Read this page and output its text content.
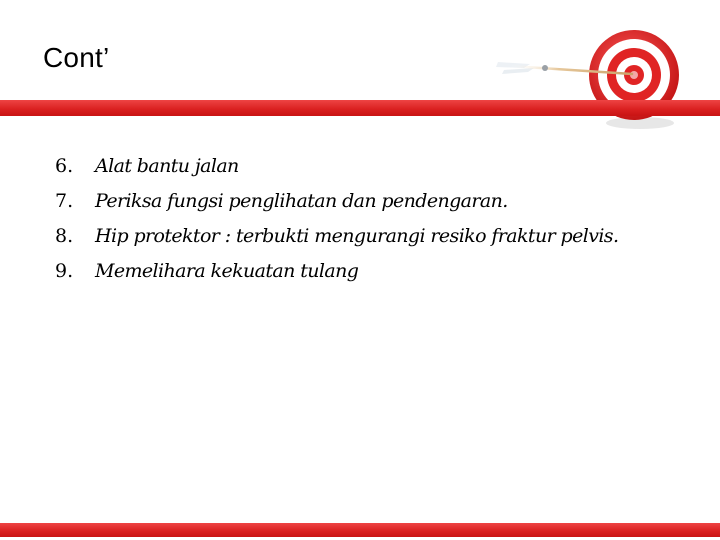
Cont’
6.	Alat bantu jalan
7.	Periksa fungsi penglihatan dan pendengaran.
8.	Hip protektor : terbukti mengurangi resiko fraktur pelvis.
9.	Memelihara kekuatan tulang
